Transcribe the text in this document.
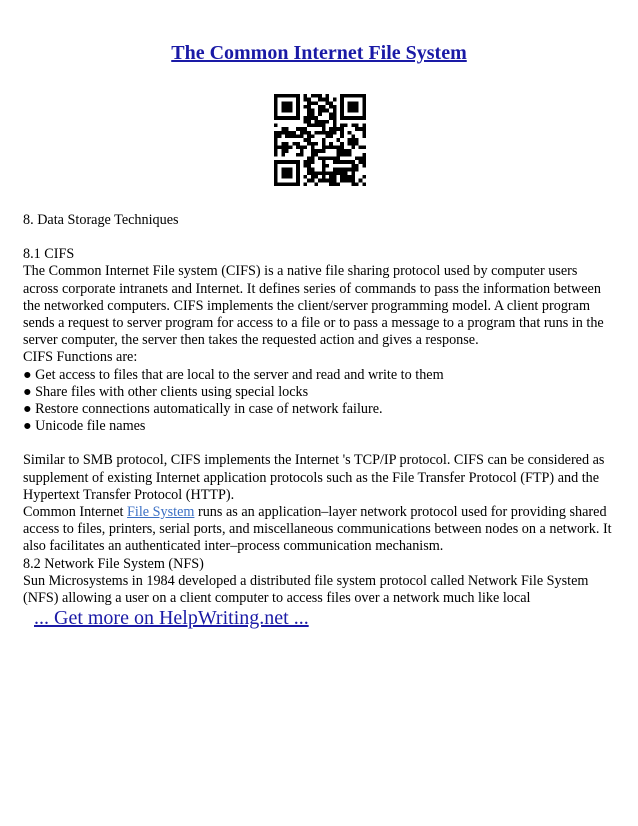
The Common Internet File System

8. Data Storage Techniques

8.1 CIFS

The Common Internet File system (CIFS) is a native file sharing protocol used by computer users across corporate intranets and Internet. It defines series of commands to pass the information between the networked computers. CIFS implements the client/server programming model. A client program sends a request to server program for access to a file or to pass a message to a program that runs in the server computer, the server then takes the requested action and gives a response.

CIFS Functions are:

● Get access to files that are local to the server and read and write to them

● Share files with other clients using special locks

● Restore connections automatically in case of network failure.

● Unicode file names

Similar to SMB protocol, CIFS implements the Internet 's TCP/IP protocol. CIFS can be considered as supplement of existing Internet application protocols such as the File Transfer Protocol (FTP) and the Hypertext Transfer Protocol (HTTP).

Common Internet File System runs as an application–layer network protocol used for providing shared access to files, printers, serial ports, and miscellaneous communications between nodes on a network. It also facilitates an authenticated inter–process communication mechanism.

8.2 Network File System (NFS)

Sun Microsystems in 1984 developed a distributed file system protocol called Network File System (NFS) allowing a user on a client computer to access files over a network much like local

... Get more on HelpWriting.net ...
